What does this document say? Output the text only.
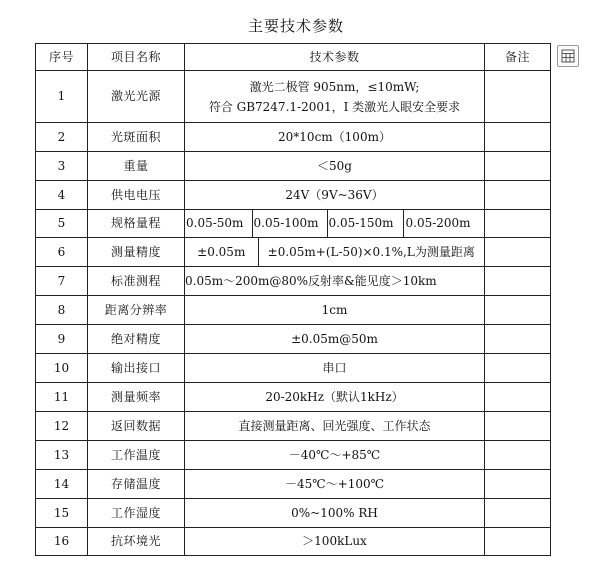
主要技术参数
序号	项目名称	技术参数	备注
1	激光光源	
激光二极管 905nm，≤10mW;
符合 GB7247.1-2001，I 类激光人眼安全要求

2	光斑面积	20*10cm（100m）	
3	重量	＜50g	
4	供电电压	24V（9V~36V）	
5	规格量程	0.05-50m	0.05-100m	0.05-150m	0.05-200m

6	测量精度		±0.05m	±0.05m+(L-50)×0.1%,L为测量距离

7	标准测程	0.05m～200m@80%反射率&能见度＞10km	
8	距离分辨率	1cm	
9	绝对精度	±0.05m@50m	
10	输出接口	串口	
11	测量频率	20-20kHz（默认1kHz）	
12	返回数据	直接测量距离、回光强度、工作状态	
13	工作温度	－40℃～+85℃	
14	存储温度	－45℃～+100℃	
15	工作湿度	0%~100% RH	
16	抗环境光	＞100kLux	
